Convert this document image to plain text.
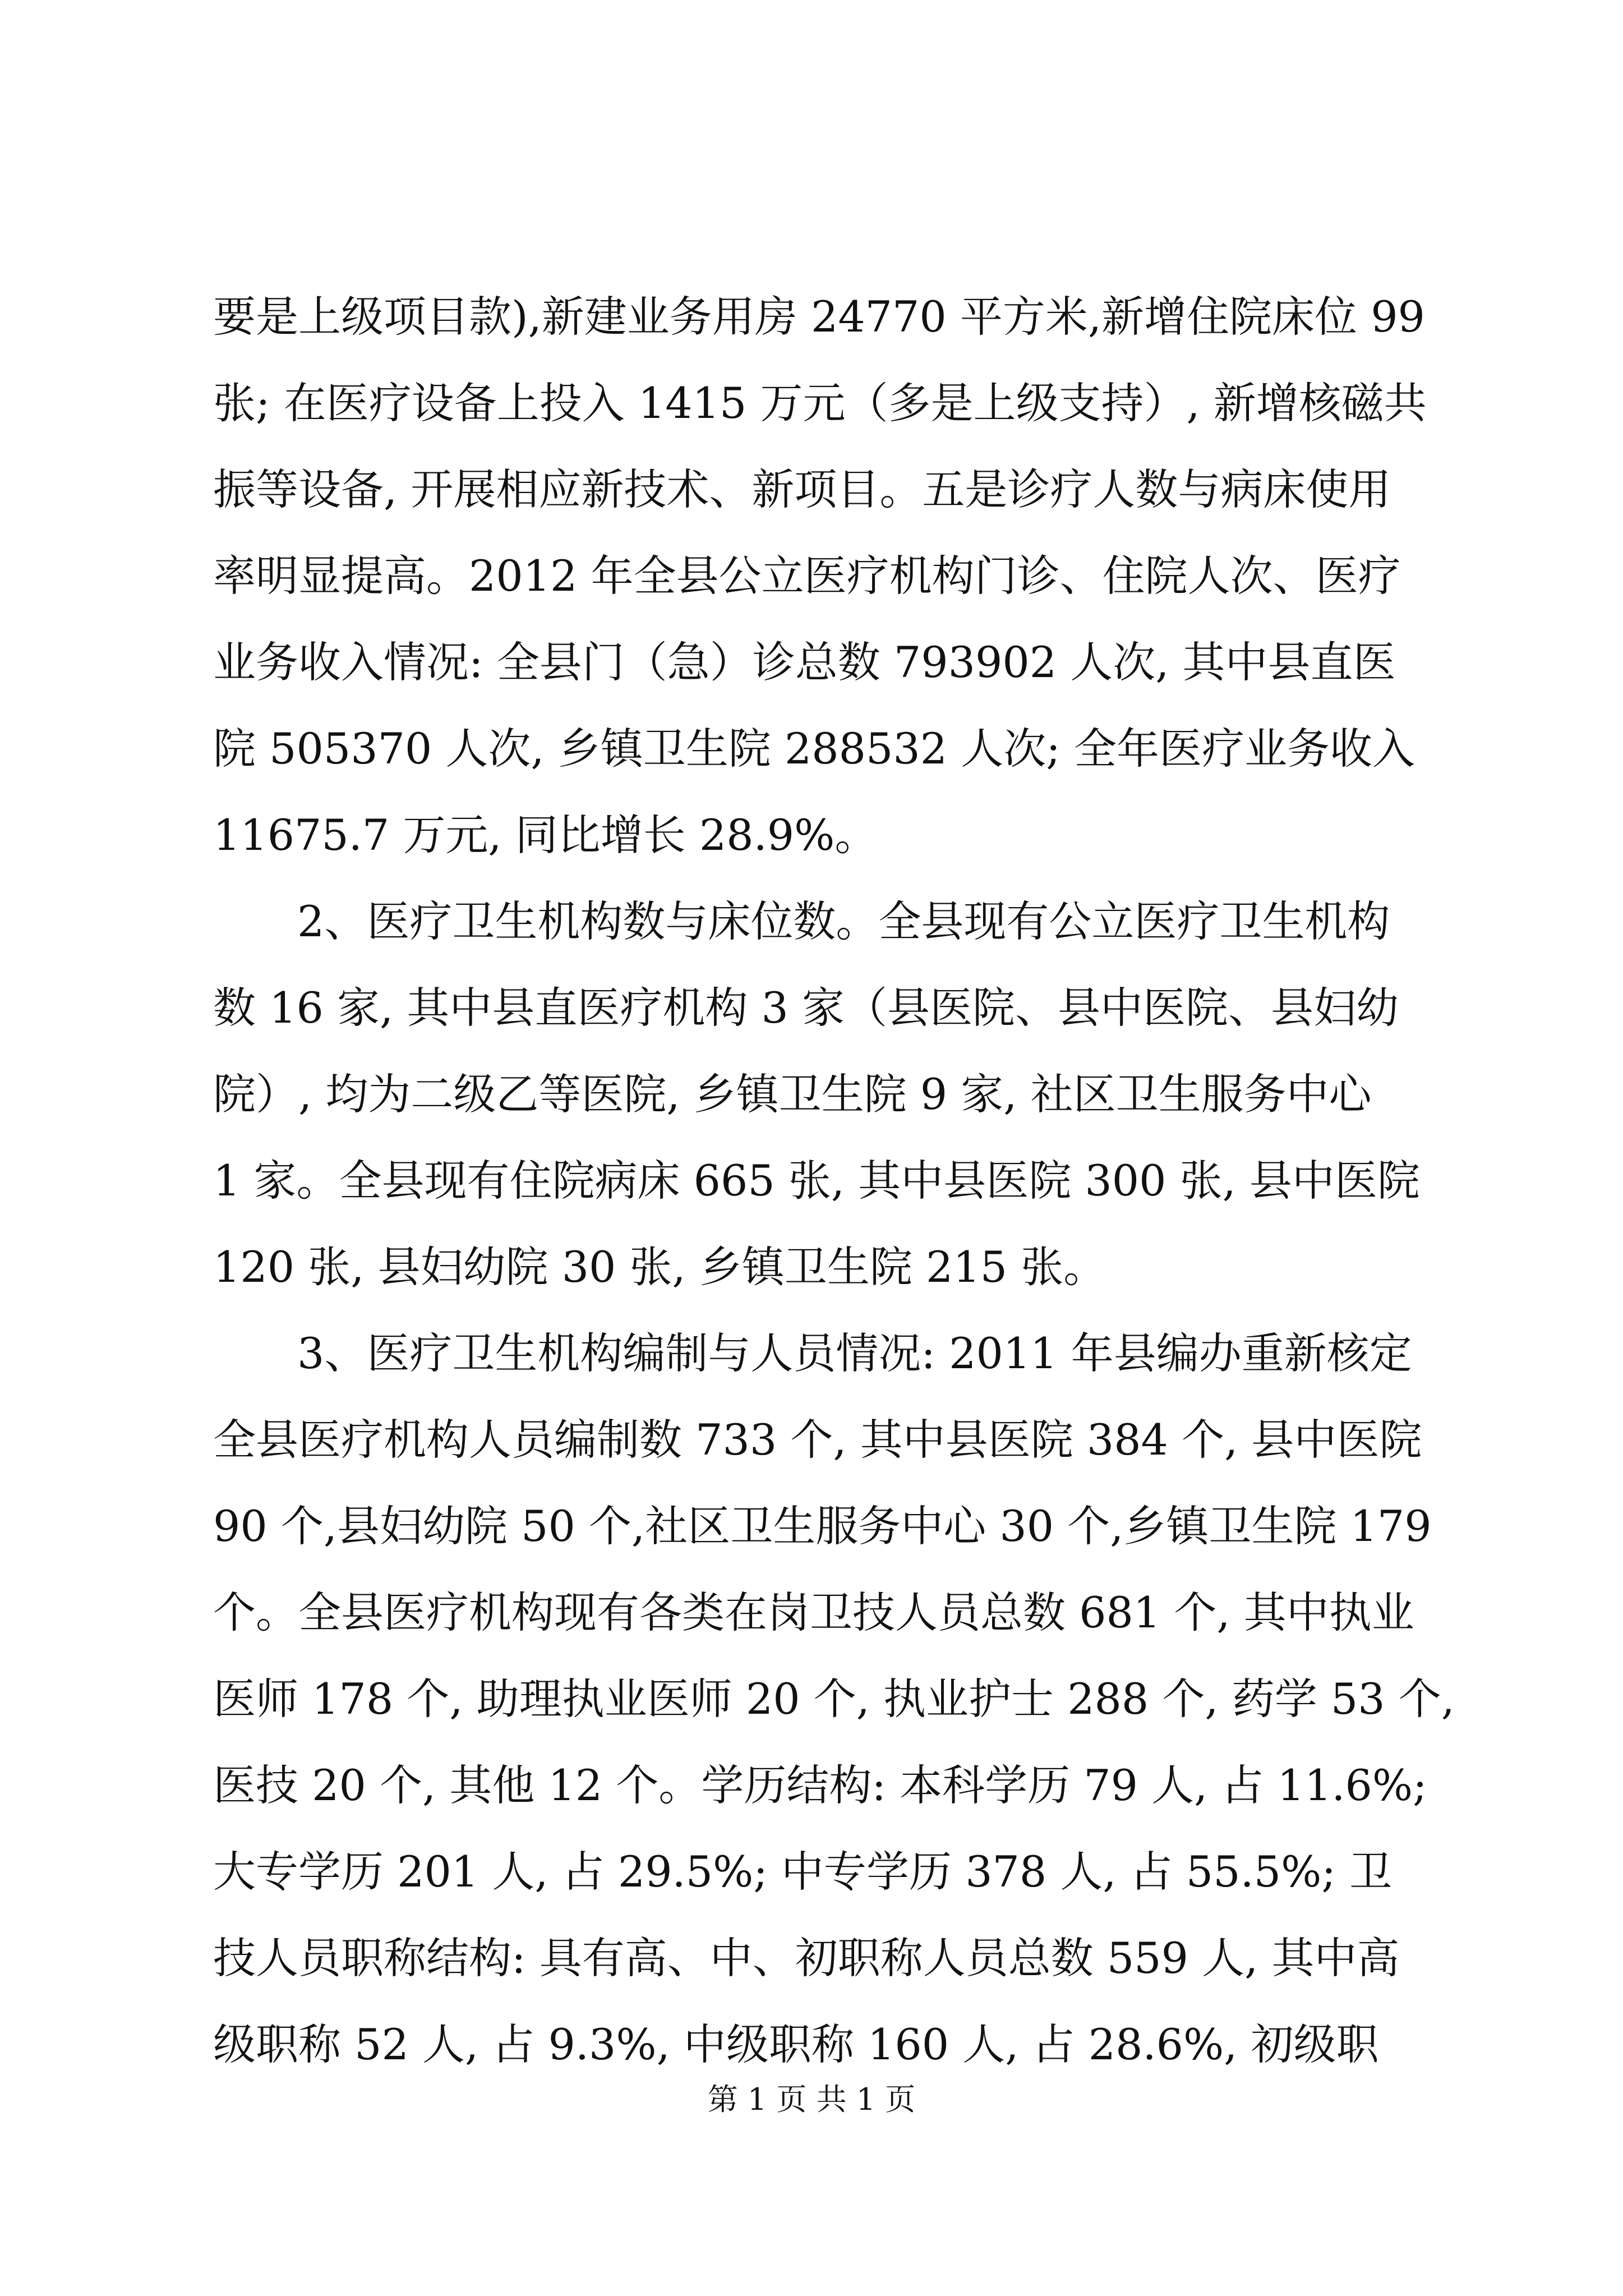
要是上级项目款),新建业务用房 24770 平方米,新增住院床位 99
张; 在医疗设备上投入 1415 万元（多是上级支持）, 新增核磁共
振等设备, 开展相应新技术、新项目。五是诊疗人数与病床使用
率明显提高。2012 年全县公立医疗机构门诊、住院人次、医疗
业务收入情况: 全县门（急）诊总数 793902 人次, 其中县直医
院 505370 人次, 乡镇卫生院 288532 人次; 全年医疗业务收入
11675.7 万元, 同比增长 28.9%。
2、医疗卫生机构数与床位数。全县现有公立医疗卫生机构
数 16 家, 其中县直医疗机构 3 家（县医院、县中医院、县妇幼
院）, 均为二级乙等医院, 乡镇卫生院 9 家, 社区卫生服务中心
1 家。全县现有住院病床 665 张, 其中县医院 300 张, 县中医院
120 张, 县妇幼院 30 张, 乡镇卫生院 215 张。
3、医疗卫生机构编制与人员情况: 2011 年县编办重新核定
全县医疗机构人员编制数 733 个, 其中县医院 384 个, 县中医院
90 个,县妇幼院 50 个,社区卫生服务中心 30 个,乡镇卫生院 179
个。全县医疗机构现有各类在岗卫技人员总数 681 个, 其中执业
医师 178 个, 助理执业医师 20 个, 执业护士 288 个, 药学 53 个,
医技 20 个, 其他 12 个。学历结构: 本科学历 79 人, 占 11.6%;
大专学历 201 人, 占 29.5%; 中专学历 378 人, 占 55.5%; 卫
技人员职称结构: 具有高、中、初职称人员总数 559 人, 其中高
级职称 52 人, 占 9.3%, 中级职称 160 人, 占 28.6%, 初级职
第 1 页 共 1 页
